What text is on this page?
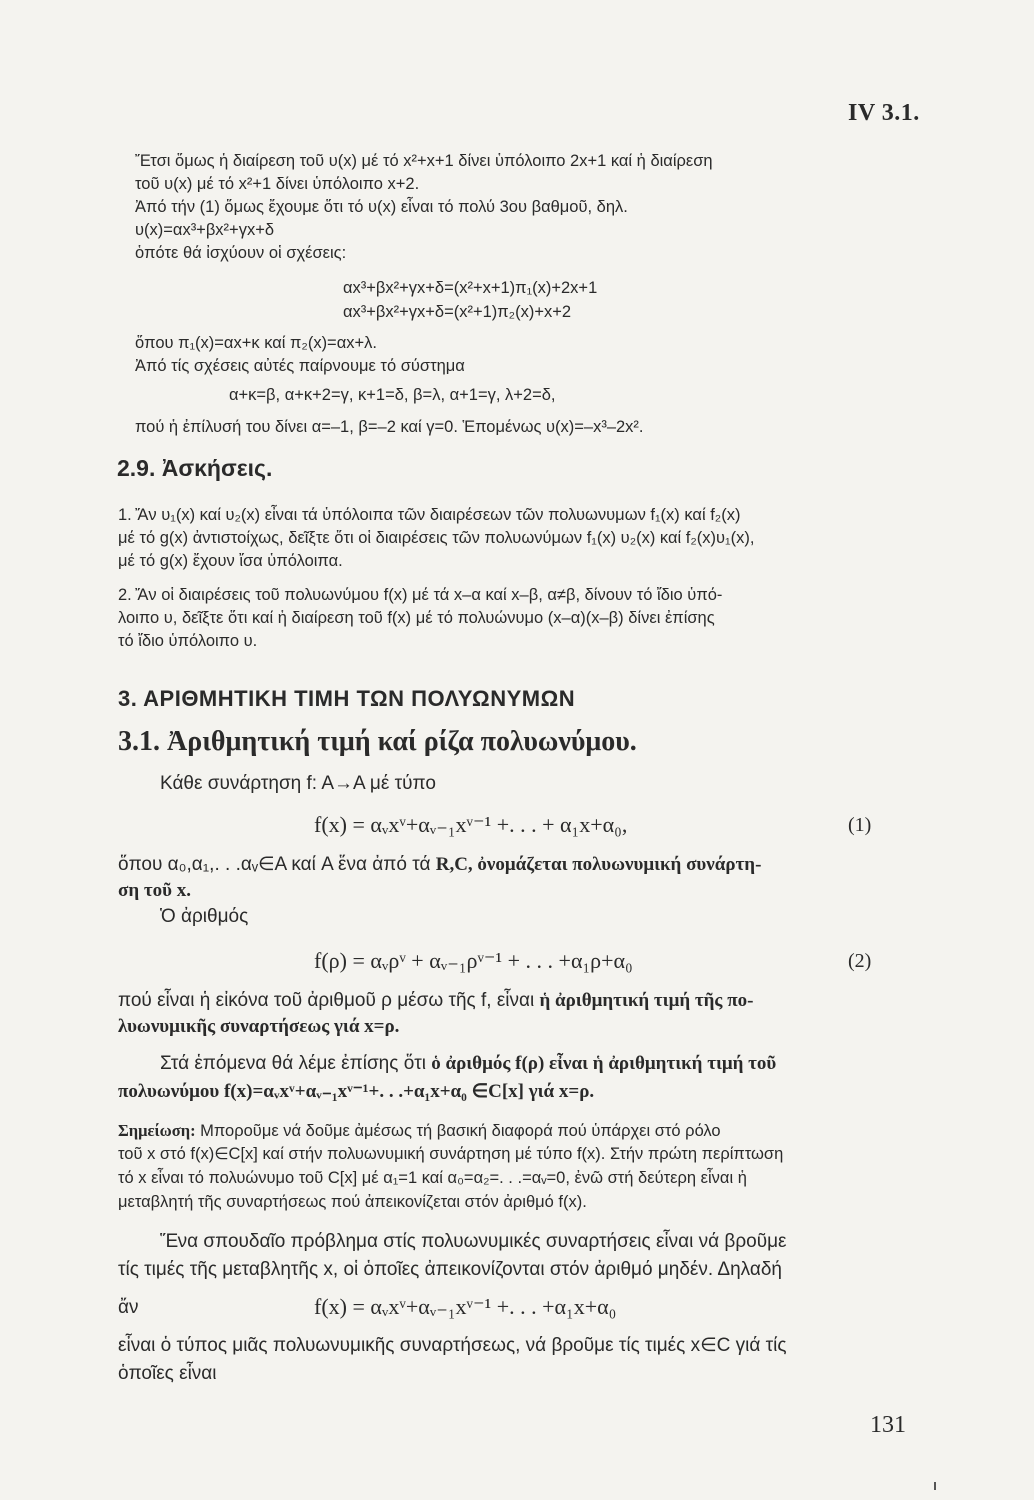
IV 3.1.
Ἔτσι ὅμως ἡ διαίρεση τοῦ υ(x) μέ τό x²+x+1 δίνει ὑπόλοιπο 2x+1 καί ἡ διαίρεση
τοῦ υ(x) μέ τό x²+1 δίνει ὑπόλοιπο x+2.
Ἀπό τήν (1) ὅμως ἔχουμε ὅτι τό υ(x) εἶναι τό πολύ 3ου βαθμοῦ, δηλ.
υ(x)=αx³+βx²+γx+δ
ὁπότε θά ἰσχύουν οἱ σχέσεις:
αx³+βx²+γx+δ=(x²+x+1)π₁(x)+2x+1
αx³+βx²+γx+δ=(x²+1)π₂(x)+x+2
ὅπου π₁(x)=αx+κ καί π₂(x)=αx+λ.
Ἀπό τίς σχέσεις αὐτές παίρνουμε τό σύστημα
α+κ=β, α+κ+2=γ, κ+1=δ, β=λ, α+1=γ, λ+2=δ,
πού ἡ ἐπίλυσή του δίνει α=–1, β=–2 καί γ=0. Ἑπομένως υ(x)=–x³–2x².
2.9. Ἀσκήσεις.
1. Ἄν υ₁(x) καί υ₂(x) εἶναι τά ὑπόλοιπα τῶν διαιρέσεων τῶν πολυωνυμων f₁(x) καί f₂(x)
μέ τό g(x) ἀντιστοίχως, δεῖξτε ὅτι οἱ διαιρέσεις τῶν πολυωνύμων f₁(x) υ₂(x) καί f₂(x)υ₁(x),
μέ τό g(x) ἔχουν ἴσα ὑπόλοιπα.
2. Ἄν οἱ διαιρέσεις τοῦ πολυωνύμου f(x) μέ τά x–α καί x–β, α≠β, δίνουν τό ἴδιο ὑπό-
λοιπο υ, δεῖξτε ὅτι καί ἡ διαίρεση τοῦ f(x) μέ τό πολυώνυμο (x–α)(x–β) δίνει ἐπίσης
τό ἴδιο ὑπόλοιπο υ.
3. ΑΡΙΘΜΗΤΙΚΗ ΤΙΜΗ ΤΩΝ ΠΟΛΥΩΝΥΜΩΝ
3.1. Ἀριθμητική τιμή καί ρίζα πολυωνύμου.
Κάθε συνάρτηση f: A→A μέ τύπο
f(x) = αᵥxᵛ+αᵥ₋₁xᵛ⁻¹ +. . . + α₁x+α₀,	(1)
ὅπου α₀,α₁,. . .αᵥ∈A καί A ἕνα ἀπό τά R,C, ὀνομάζεται πολυωνυμική συνάρτη-
ση τοῦ x.
Ὁ ἀριθμός
f(ρ) = αᵥρᵛ + αᵥ₋₁ρᵛ⁻¹ + . . . +α₁ρ+α₀	(2)
πού εἶναι ἡ εἰκόνα τοῦ ἀριθμοῦ ρ μέσω τῆς f, εἶναι ἡ ἀριθμητική τιμή τῆς πο-
λυωνυμικῆς συναρτήσεως γιά x=ρ.
Στά ἑπόμενα θά λέμε ἐπίσης ὅτι ὁ ἀριθμός f(ρ) εἶναι ἡ ἀριθμητική τιμή τοῦ
πολυωνύμου f(x)=αᵥxᵛ+αᵥ₋₁xᵛ⁻¹+. . .+α₁x+α₀ ∈C[x] γιά x=ρ.
Σημείωση: Μποροῦμε νά δοῦμε ἀμέσως τή βασική διαφορά πού ὑπάρχει στό ρόλο
τοῦ x στό f(x)∈C[x] καί στήν πολυωνυμική συνάρτηση μέ τύπο f(x). Στήν πρώτη περίπτωση
τό x εἶναι τό πολυώνυμο τοῦ C[x] μέ α₁=1 καί α₀=α₂=. . .=αᵥ=0, ἐνῶ στή δεύτερη εἶναι ἡ
μεταβλητή τῆς συναρτήσεως πού ἀπεικονίζεται στόν ἀριθμό f(x).
Ἕνα σπουδαῖο πρόβλημα στίς πολυωνυμικές συναρτήσεις εἶναι νά βροῦμε
τίς τιμές τῆς μεταβλητῆς x, οἱ ὁποῖες ἀπεικονίζονται στόν ἀριθμό μηδέν. Δηλαδή
ἄν	f(x) = αᵥxᵛ+αᵥ₋₁xᵛ⁻¹ +. . . +α₁x+α₀
εἶναι ὁ τύπος μιᾶς πολυωνυμικῆς συναρτήσεως, νά βροῦμε τίς τιμές x∈C γιά τίς
ὁποῖες εἶναι
131
